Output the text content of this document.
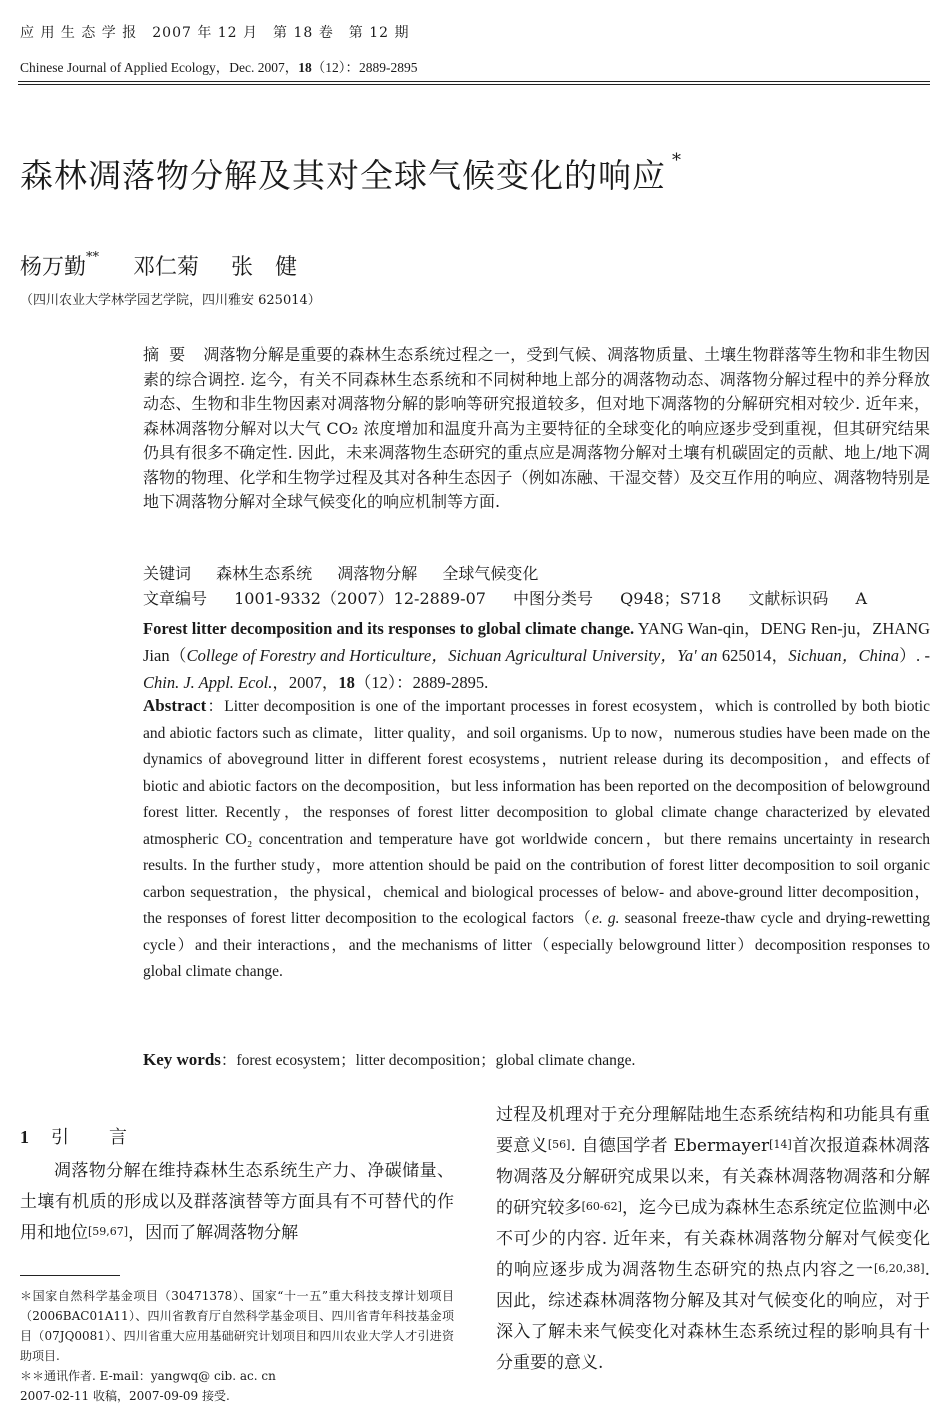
应 用 生 态 学 报　2007 年 12 月　第 18 卷　第 12 期
Chinese Journal of Applied Ecology，Dec. 2007，18（12）：2889-2895
森林凋落物分解及其对全球气候变化的响应 *
杨万勤** 邓仁菊 张　健
（四川农业大学林学园艺学院，四川雅安 625014）
摘要 凋落物分解是重要的森林生态系统过程之一，受到气候、凋落物质量、土壤生物群落等生物和非生物因素的综合调控. 迄今，有关不同森林生态系统和不同树种地上部分的凋落物动态、凋落物分解过程中的养分释放动态、生物和非生物因素对凋落物分解的影响等研究报道较多，但对地下凋落物的分解研究相对较少. 近年来，森林凋落物分解对以大气 CO₂ 浓度增加和温度升高为主要特征的全球变化的响应逐步受到重视，但其研究结果仍具有很多不确定性. 因此，未来凋落物生态研究的重点应是凋落物分解对土壤有机碳固定的贡献、地上/地下凋落物的物理、化学和生物学过程及其对各种生态因子（例如冻融、干湿交替）及交互作用的响应、凋落物特别是地下凋落物分解对全球气候变化的响应机制等方面.
关键词 森林生态系统 凋落物分解 全球气候变化
文章编号 1001-9332（2007）12-2889-07 中图分类号 Q948；S718 文献标识码 A
Forest litter decomposition and its responses to global climate change. YANG Wan-qin，DENG Ren-ju，ZHANG Jian（College of Forestry and Horticulture，Sichuan Agricultural University，Ya' an 625014，Sichuan，China）. -Chin. J. Appl. Ecol.，2007，18（12）：2889-2895.
Abstract：Litter decomposition is one of the important processes in forest ecosystem，which is controlled by both biotic and abiotic factors such as climate，litter quality，and soil organisms. Up to now，numerous studies have been made on the dynamics of aboveground litter in different forest ecosystems，nutrient release during its decomposition，and effects of biotic and abiotic factors on the decomposition，but less information has been reported on the decomposition of belowground forest litter. Recently，the responses of forest litter decomposition to global climate change characterized by elevated atmospheric CO₂ concentration and temperature have got worldwide concern，but there remains uncertainty in research results. In the further study，more attention should be paid on the contribution of forest litter decomposition to soil organic carbon sequestration，the physical，chemical and biological processes of below- and above-ground litter decomposition，the responses of forest litter decomposition to the ecological factors（e. g. seasonal freeze-thaw cycle and drying-rewetting cycle）and their interactions，and the mechanisms of litter（especially belowground litter）decomposition responses to global climate change.
Key words：forest ecosystem；litter decomposition；global climate change.
1 引言
凋落物分解在维持森林生态系统生产力、净碳储量、土壤有机质的形成以及群落演替等方面具有不可替代的作用和地位[59,67]，因而了解凋落物分解
过程及机理对于充分理解陆地生态系统结构和功能具有重要意义[56]. 自德国学者 Ebermayer[14]首次报道森林凋落物凋落及分解研究成果以来，有关森林凋落物凋落和分解的研究较多[60-62]，迄今已成为森林生态系统定位监测中必不可少的内容. 近年来，有关森林凋落物分解对气候变化的响应逐步成为凋落物生态研究的热点内容之一[6,20,38]. 因此，综述森林凋落物分解及其对气候变化的响应，对于深入了解未来气候变化对森林生态系统过程的影响具有十分重要的意义.
＊国家自然科学基金项目（30471378）、国家“十一五”重大科技支撑计划项目（2006BAC01A11）、四川省教育厅自然科学基金项目、四川省青年科技基金项目（07JQ0081）、四川省重大应用基础研究计划项目和四川农业大学人才引进资助项目.
＊＊通讯作者. E-mail：yangwq@ cib. ac. cn
2007-02-11 收稿，2007-09-09 接受.
